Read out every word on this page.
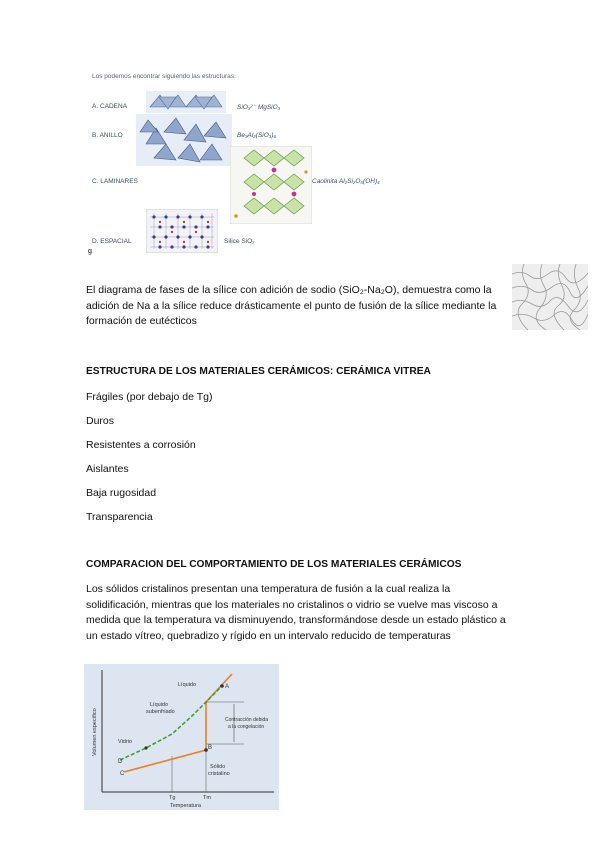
Los podemos encontrar siguiendo las estructuras:
A. CADENA	SiO₃²⁻ MgSiO₃
B. ANILLO	Be₃Al₂(SiO₃)₆
C. LAMINARES	Caolinita Al₂Si₂O₅(OH)₄
D. ESPACIAL	Silice SiO₂
g
El diagrama de fases de la sílice con adición de sodio (SiO₂-Na₂O), demuestra como la adición de Na a la sílice reduce drásticamente el punto de fusión de la sílice mediante la formación de eutécticos
ESTRUCTURA DE LOS MATERIALES CERÁMICOS: CERÁMICA VITREA
Frágiles (por debajo de Tg)
Duros
Resistentes a corrosión
Aislantes
Baja rugosidad
Transparencia
COMPARACION DEL COMPORTAMIENTO DE LOS MATERIALES CERÁMICOS
Los sólidos cristalinos presentan una temperatura de fusión a la cual realiza la solidificación, mientras que los materiales no cristalinos o vidrio se vuelve mas viscoso a medida que la temperatura va disminuyendo, transformándose desde un estado plástico a un estado vítreo, quebradizo y rígido en un intervalo reducido de temperaturas
Líquido
Líquido subenfriado
Vidrio
Contracción debida a la congelación
Sólido cristalino
A
B
C
D
Tg	Tm
Temperatura
Volumen específico
